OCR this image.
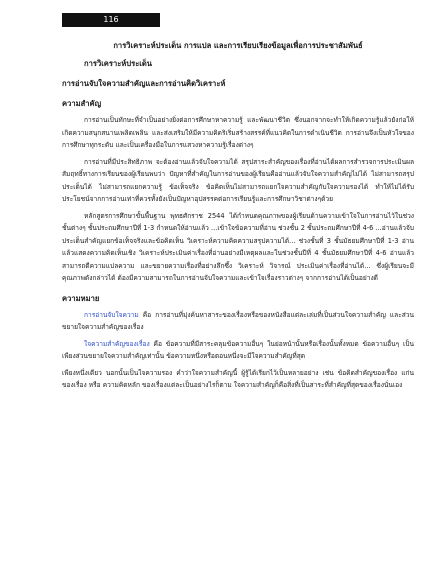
116
การวิเคราะห์ประเด็น การแปล และการเรียบเรียงข้อมูลเพื่อการประชาสัมพันธ์
การวิเคราะห์ประเด็น
การอ่านจับใจความสำคัญและการอ่านคิดวิเคราะห์
ความสำคัญ

การอ่านเป็นทักษะที่จำเป็นอย่างยิ่งต่อการศึกษาหาความรู้ และพัฒนาชีวิต ซึ่งนอกจากจะทำให้เกิดความรู้แล้วยังก่อให้เกิดความสนุกสนานเพลิดเพลิน และส่งเสริมให้มีความคิดริเริ่มสร้างสรรค์ที่แนวคิดในการดำเนินชีวิต การอ่านจึงเป็นหัวใจของการศึกษาทุกระดับ และเป็นเครื่องมือในการแสวงหาความรู้เรื่องต่างๆ

การอ่านที่มีประสิทธิภาพ จะต้องอ่านแล้วจับใจความได้ สรุปสาระสำคัญของเรื่องที่อ่านได้ผลการสำรวจการประเมินผลสัมฤทธิ์ทางการเรียนของผู้เรียนพบว่า ปัญหาที่สำคัญในการอ่านของผู้เรียนคืออ่านแล้วจับใจความสำคัญไม่ได้ ไม่สามารถสรุปประเด็นได้ ไม่สามารถแยกความรู้ ข้อเท็จจริง ข้อคิดเห็นไม่สามารถแยกใจความสำคัญกับใจความรองได้ ทำให้ไม่ได้รับประโยชน์จากการอ่านเท่าที่ควรทั้งยังเป็นปัญหาอุปสรรคต่อการเรียนรู้และการศึกษาวิชาต่างๆด้วย

หลักสูตรการศึกษาขั้นพื้นฐาน พุทธศักราช 2544 ได้กำหนดคุณภาพของผู้เรียนด้านความเข้าใจในการอ่านไว้ในช่วงชั้นต่างๆ ชั้นประถมศึกษาปีที่ 1-3 กำหนดให้อ่านแล้ว ...เข้าใจข้อความที่อ่าน ช่วงชั้น 2 ชั้นประถมศึกษาปีที่ 4-6 ...อ่านแล้วจับประเด็นสำคัญแยกข้อเท็จจริงและข้อคิดเห็น วิเคราะห์ความคิดความสรุปความได้... ช่วงชั้นที่ 3 ชั้นมัธยมศึกษาปีที่ 1-3 อ่านแล้วแสดงความคิดเห็นเชิง วิเคราะห์ประเมินค่าเรื่องที่อ่านอย่างมีเหตุผลและในช่วงชั้นปีที่ 4 ชั้นมัธยมศึกษาปีที่ 4-6 อ่านแล้วสามารถตีความแปลความ และขยายความเรื่องที่อย่างลึกซึ้ง วิเคราะห์ วิจารณ์ ประเมินค่าเรื่องที่อ่านได้... ซึ่งผู้เรียนจะมีคุณภาพดังกล่าวได้ ต้องมีความสามารถในการอ่านจับใจความและเข้าใจเรื่องราวต่างๆ จากการอ่านได้เป็นอย่างดี

ความหมาย

การอ่านจับใจความ คือ การอ่านที่มุ่งค้นหาสาระของเรื่องหรือของหนังสือแต่ละเล่มที่เป็นส่วนใจความสำคัญ และส่วนขยายใจความสำคัญของเรื่อง

ใจความสำคัญของเรื่อง คือ ข้อความที่มีสาระคลุมข้อความอื่นๆ ในย่อหน้านั้นหรือเรื่องนั้นทั้งหมด ข้อความอื่นๆ เป็นเพียงส่วนขยายใจความสำคัญเท่านั้น ข้อความหนึ่งหรือตอนหนึ่งจะมีใจความสำคัญที่สุด

เพียงหนึ่งเดียว นอกนั้นเป็นใจความรอง คำว่าใจความสำคัญนี้ ผู้รู้ได้เรียกไว้เป็นหลายอย่าง เช่น ข้อคิดสำคัญของเรื่อง แก่นของเรื่อง หรือ ความคิดหลัก ของเรื่องแต่ละเป็นอย่างไรก็ตาม ใจความสำคัญก็คือสิ่งที่เป็นสาระที่สำคัญที่สุดของเรื่องนั่นเอง
